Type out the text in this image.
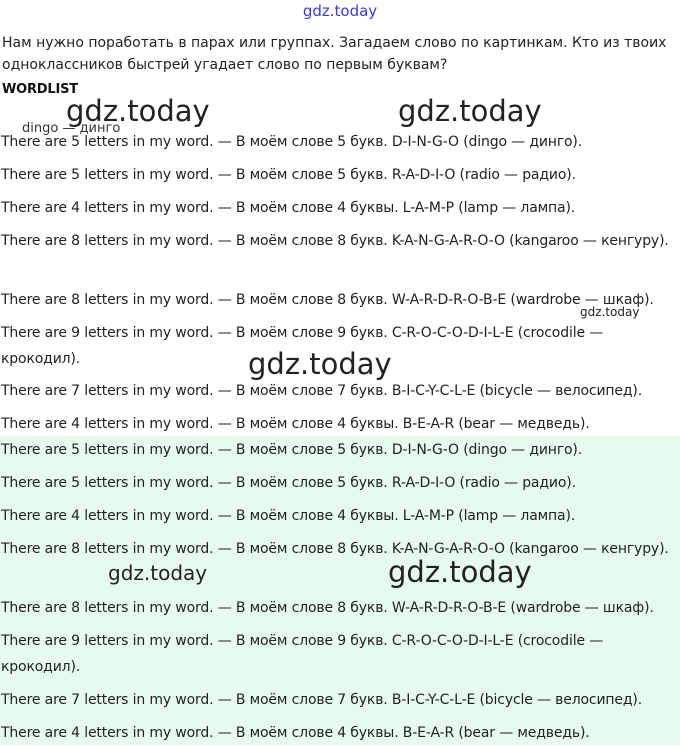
gdz.today
Нам нужно поработать в парах или группах. Загадаем слово по картинкам. Кто из твоих одноклассников быстрей угадает слово по первым буквам?
WORDLIST
dingo — динго
There are 5 letters in my word. — В моём слове 5 букв. D-I-N-G-O (dingo — динго).
There are 5 letters in my word. — В моём слове 5 букв. R-A-D-I-O (radio — радио).
There are 4 letters in my word. — В моём слове 4 буквы. L-A-M-P (lamp — лампа).
There are 8 letters in my word. — В моём слове 8 букв. K-A-N-G-A-R-O-O (kangaroo — кенгуру).
There are 8 letters in my word. — В моём слове 8 букв. W-A-R-D-R-O-B-E (wardrobe — шкаф).
There are 9 letters in my word. — В моём слове 9 букв. C-R-O-C-O-D-I-L-E (crocodile — крокодил).
There are 7 letters in my word. — В моём слове 7 букв. B-I-C-Y-C-L-E (bicycle — велосипед).
There are 4 letters in my word. — В моём слове 4 буквы. B-E-A-R (bear — медведь).
There are 5 letters in my word. — В моём слове 5 букв. D-I-N-G-O (dingo — динго).
There are 5 letters in my word. — В моём слове 5 букв. R-A-D-I-O (radio — радио).
There are 4 letters in my word. — В моём слове 4 буквы. L-A-M-P (lamp — лампа).
There are 8 letters in my word. — В моём слове 8 букв. K-A-N-G-A-R-O-O (kangaroo — кенгуру).
There are 8 letters in my word. — В моём слове 8 букв. W-A-R-D-R-O-B-E (wardrobe — шкаф).
There are 9 letters in my word. — В моём слове 9 букв. C-R-O-C-O-D-I-L-E (crocodile — крокодил).
There are 7 letters in my word. — В моём слове 7 букв. B-I-C-Y-C-L-E (bicycle — велосипед).
There are 4 letters in my word. — В моём слове 4 буквы. B-E-A-R (bear — медведь).
gdz.today	gdz.today
gdz.today
gdz.today
gdz.today	gdz.today
